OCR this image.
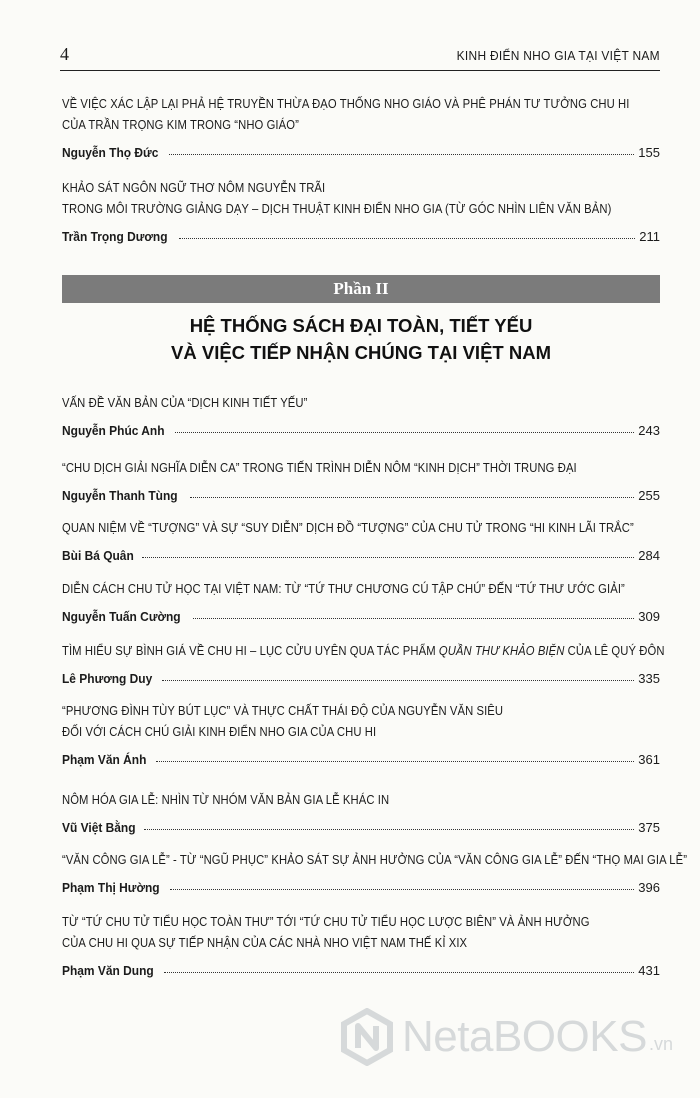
4	KINH ĐIỂN NHO GIA TẠI VIỆT NAM
VỀ VIỆC XÁC LẬP LẠI PHẢ HỆ TRUYỀN THỪA ĐẠO THỐNG NHO GIÁO VÀ PHÊ PHÁN TƯ TƯỞNG CHU HI
CỦA TRẦN TRỌNG KIM TRONG “NHO GIÁO”
Nguyễn Thọ Đức	155
KHẢO SÁT NGÔN NGỮ THƠ NÔM NGUYỄN TRÃI
TRONG MÔI TRƯỜNG GIẢNG DẠY – DỊCH THUẬT KINH ĐIỂN NHO GIA (TỪ GÓC NHÌN LIÊN VĂN BẢN)
Trần Trọng Dương	211
Phần II
HỆ THỐNG SÁCH ĐẠI TOÀN, TIẾT YẾU
VÀ VIỆC TIẾP NHẬN CHÚNG TẠI VIỆT NAM
VẤN ĐỀ VĂN BẢN CỦA “DỊCH KINH TIẾT YẾU”
Nguyễn Phúc Anh	243
“CHU DỊCH GIẢI NGHĨA DIỄN CA” TRONG TIẾN TRÌNH DIỄN NÔM “KINH DỊCH” THỜI TRUNG ĐẠI
Nguyễn Thanh Tùng	255
QUAN NIỆM VỀ “TƯỢNG” VÀ SỰ “SUY DIỄN” DỊCH ĐỒ “TƯỢNG” CỦA CHU TỬ TRONG “HI KINH LÃI TRẮC”
Bùi Bá Quân	284
DIỄN CÁCH CHU TỬ HỌC TẠI VIỆT NAM: TỪ “TỨ THƯ CHƯƠNG CÚ TẬP CHÚ” ĐẾN “TỨ THƯ ƯỚC GIẢI”
Nguyễn Tuấn Cường	309
TÌM HIỂU SỰ BÌNH GIÁ VỀ CHU HI – LỤC CỬU UYÊN QUA TÁC PHẨM QUẦN THƯ KHẢO BIỆN CỦA LÊ QUÝ ĐÔN
Lê Phương Duy	335
“PHƯƠNG ĐÌNH TÙY BÚT LỤC” VÀ THỰC CHẤT THÁI ĐỘ CỦA NGUYỄN VĂN SIÊU
ĐỐI VỚI CÁCH CHÚ GIẢI KINH ĐIỂN NHO GIA CỦA CHU HI
Phạm Văn Ánh	361
NÔM HÓA GIA LỄ: NHÌN TỪ NHÓM VĂN BẢN GIA LỄ KHÁC IN
Vũ Việt Bằng	375
“VĂN CÔNG GIA LỄ” - TỪ “NGŨ PHỤC” KHẢO SÁT SỰ ẢNH HƯỞNG CỦA “VĂN CÔNG GIA LỄ” ĐẾN “THỌ MAI GIA LỄ”
Phạm Thị Hường	396
TỪ “TỨ CHU TỬ TIỂU HỌC TOÀN THƯ” TỚI “TỨ CHU TỬ TIỂU HỌC LƯỢC BIÊN” VÀ ẢNH HƯỞNG
CỦA CHU HI QUA SỰ TIẾP NHẬN CỦA CÁC NHÀ NHO VIỆT NAM THẾ KỈ XIX
Phạm Văn Dung	431
NetaBOOKS .vn
